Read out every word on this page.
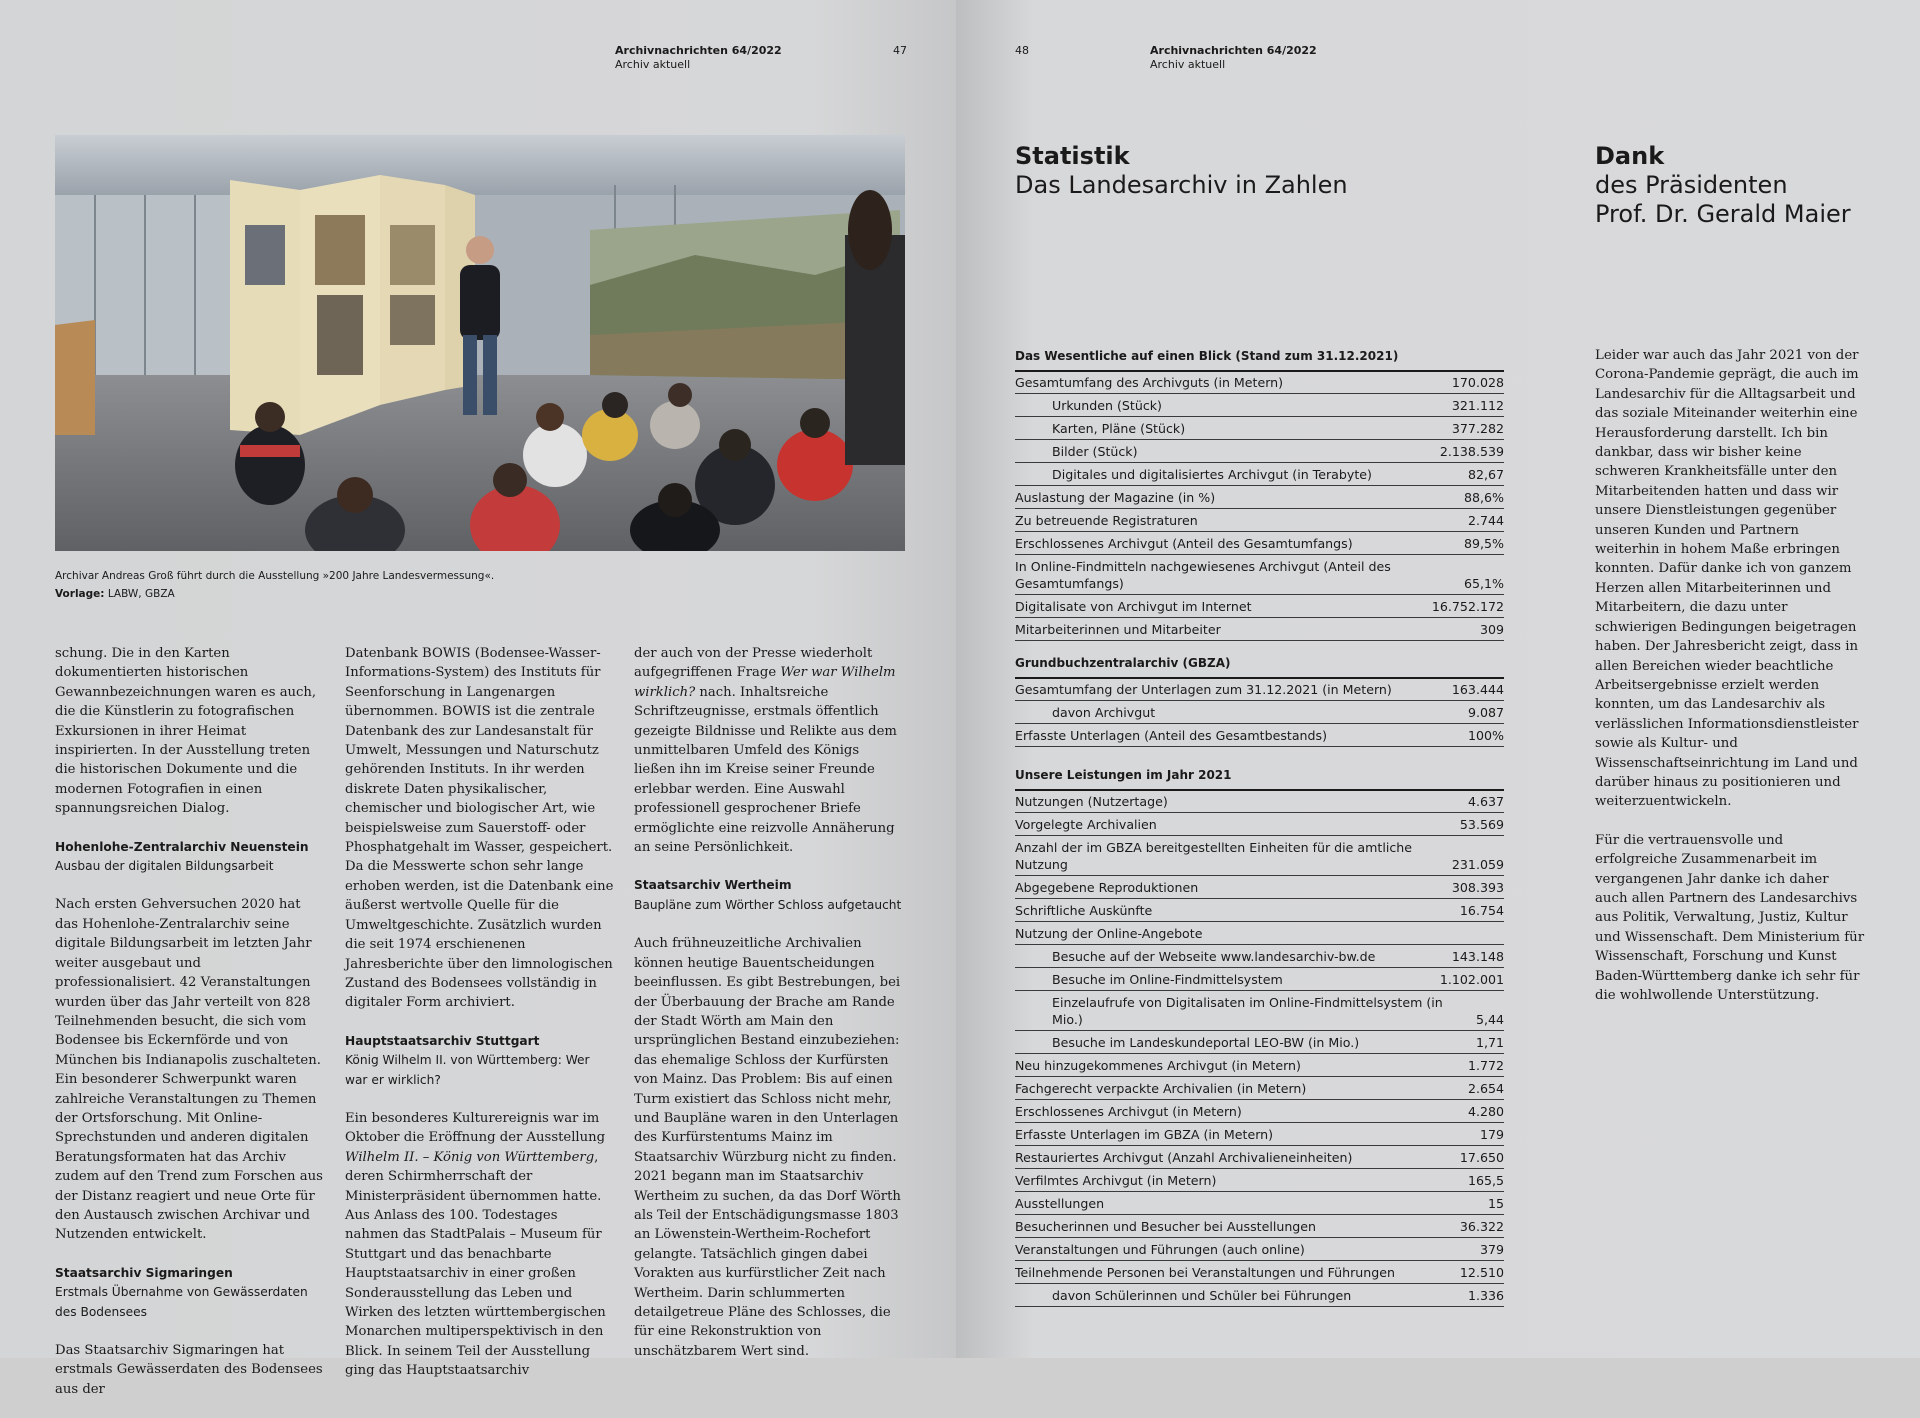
Archivnachrichten 64/2022
Archiv aktuell
47
Archivar Andreas Groß führt durch die Ausstellung »200 Jahre Landesvermessung«.
Vorlage: LABW, GBZA

schung. Die in den Karten dokumentierten historischen Gewannbezeichnungen waren es auch, die die Künstlerin zu fotografischen Exkursionen in ihrer Heimat inspirierten. In der Ausstellung treten die historischen Dokumente und die modernen Fotografien in einen spannungsreichen Dialog.

Hohenlohe-Zentralarchiv Neuenstein
Ausbau der digitalen Bildungsarbeit

Nach ersten Gehversuchen 2020 hat das Hohenlohe-Zentralarchiv seine digitale Bildungsarbeit im letzten Jahr weiter ausgebaut und professionalisiert. 42 Veranstaltungen wurden über das Jahr verteilt von 828 Teilnehmenden besucht, die sich vom Bodensee bis Eckernförde und von München bis Indianapolis zuschalteten. Ein besonderer Schwerpunkt waren zahlreiche Veranstaltungen zu Themen der Ortsforschung. Mit Online-Sprechstunden und anderen digitalen Beratungsformaten hat das Archiv zudem auf den Trend zum Forschen aus der Distanz reagiert und neue Orte für den Austausch zwischen Archivar und Nutzenden entwickelt.

Staatsarchiv Sigmaringen
Erstmals Übernahme von Gewässerdaten des Bodensees

Das Staatsarchiv Sigmaringen hat erstmals Gewässerdaten des Bodensees aus der

Datenbank BOWIS (Bodensee-Wasser-Informations-System) des Instituts für Seenforschung in Langenargen übernommen. BOWIS ist die zentrale Datenbank des zur Landesanstalt für Umwelt, Messungen und Naturschutz gehörenden Instituts. In ihr werden diskrete Daten physikalischer, chemischer und biologischer Art, wie beispielsweise zum Sauerstoff- oder Phosphatgehalt im Wasser, gespeichert. Da die Messwerte schon sehr lange erhoben werden, ist die Datenbank eine äußerst wertvolle Quelle für die Umweltgeschichte. Zusätzlich wurden die seit 1974 erschienenen Jahresberichte über den limnologischen Zustand des Bodensees vollständig in digitaler Form archiviert.

Hauptstaatsarchiv Stuttgart
König Wilhelm II. von Württemberg: Wer war er wirklich?

Ein besonderes Kulturereignis war im Oktober die Eröffnung der Ausstellung Wilhelm II. – König von Württemberg, deren Schirmherrschaft der Ministerpräsident übernommen hatte. Aus Anlass des 100. Todestages nahmen das StadtPalais – Museum für Stuttgart und das benachbarte Hauptstaatsarchiv in einer großen Sonderausstellung das Leben und Wirken des letzten württembergischen Monarchen multiperspektivisch in den Blick. In seinem Teil der Ausstellung ging das Hauptstaatsarchiv

der auch von der Presse wiederholt aufgegriffenen Frage Wer war Wilhelm wirklich? nach. Inhaltsreiche Schriftzeugnisse, erstmals öffentlich gezeigte Bildnisse und Relikte aus dem unmittelbaren Umfeld des Königs ließen ihn im Kreise seiner Freunde erlebbar werden. Eine Auswahl professionell gesprochener Briefe ermöglichte eine reizvolle Annäherung an seine Persönlichkeit.

Staatsarchiv Wertheim
Baupläne zum Wörther Schloss aufgetaucht

Auch frühneuzeitliche Archivalien können heutige Bauentscheidungen beeinflussen. Es gibt Bestrebungen, bei der Überbauung der Brache am Rande der Stadt Wörth am Main den ursprünglichen Bestand einzubeziehen: das ehemalige Schloss der Kurfürsten von Mainz. Das Problem: Bis auf einen Turm existiert das Schloss nicht mehr, und Baupläne waren in den Unterlagen des Kurfürstentums Mainz im Staatsarchiv Würzburg nicht zu finden. 2021 begann man im Staatsarchiv Wertheim zu suchen, da das Dorf Wörth als Teil der Entschädigungsmasse 1803 an Löwenstein-Wertheim-Rochefort gelangte. Tatsächlich gingen dabei Vorakten aus kurfürstlicher Zeit nach Wertheim. Darin schlummerten detailgetreue Pläne des Schlosses, die für eine Rekonstruktion von unschätzbarem Wert sind.

48	Archivnachrichten 64/2022
Archiv aktuell
Statistik
Das Landesarchiv in Zahlen
Dank
des Präsidenten
Prof. Dr. Gerald Maier
Das Wesentliche auf einen Blick (Stand zum 31.12.2021)
Gesamtumfang des Archivguts (in Metern)	170.028
Urkunden (Stück)	321.112
Karten, Pläne (Stück)	377.282
Bilder (Stück)	2.138.539
Digitales und digitalisiertes Archivgut (in Terabyte)	82,67
Auslastung der Magazine (in %)	88,6%
Zu betreuende Registraturen	2.744
Erschlossenes Archivgut (Anteil des Gesamtumfangs)	89,5%
In Online-Findmitteln nachgewiesenes Archivgut (Anteil des Gesamtumfangs)	65,1%
Digitalisate von Archivgut im Internet	16.752.172
Mitarbeiterinnen und Mitarbeiter	309
Grundbuchzentralarchiv (GBZA)
Gesamtumfang der Unterlagen zum 31.12.2021 (in Metern)	163.444
davon Archivgut	9.087
Erfasste Unterlagen (Anteil des Gesamtbestands)	100%
Unsere Leistungen im Jahr 2021
Nutzungen (Nutzertage)	4.637
Vorgelegte Archivalien	53.569
Anzahl der im GBZA bereitgestellten Einheiten für die amtliche Nutzung	231.059
Abgegebene Reproduktionen	308.393
Schriftliche Auskünfte	16.754
Nutzung der Online-Angebote
Besuche auf der Webseite www.landesarchiv-bw.de	143.148
Besuche im Online-Findmittelsystem	1.102.001
Einzelaufrufe von Digitalisaten im Online-Findmittelsystem (in Mio.)	5,44
Besuche im Landeskundeportal LEO-BW (in Mio.)	1,71
Neu hinzugekommenes Archivgut (in Metern)	1.772
Fachgerecht verpackte Archivalien (in Metern)	2.654
Erschlossenes Archivgut (in Metern)	4.280
Erfasste Unterlagen im GBZA (in Metern)	179
Restauriertes Archivgut (Anzahl Archivalieneinheiten)	17.650
Verfilmtes Archivgut (in Metern)	165,5
Ausstellungen	15
Besucherinnen und Besucher bei Ausstellungen	36.322
Veranstaltungen und Führungen (auch online)	379
Teilnehmende Personen bei Veranstaltungen und Führungen	12.510
davon Schülerinnen und Schüler bei Führungen	1.336

Leider war auch das Jahr 2021 von der Corona-Pandemie geprägt, die auch im Landesarchiv für die Alltagsarbeit und das soziale Miteinander weiterhin eine Herausforderung darstellt. Ich bin dankbar, dass wir bisher keine schweren Krankheitsfälle unter den Mitarbeitenden hatten und dass wir unsere Dienstleistungen gegenüber unseren Kunden und Partnern weiterhin in hohem Maße erbringen konnten. Dafür danke ich von ganzem Herzen allen Mitarbeiterinnen und Mitarbeitern, die dazu unter schwierigen Bedingungen beigetragen haben. Der Jahresbericht zeigt, dass in allen Bereichen wieder beachtliche Arbeitsergebnisse erzielt werden konnten, um das Landesarchiv als verlässlichen Informationsdienstleister sowie als Kultur- und Wissenschaftseinrichtung im Land und darüber hinaus zu positionieren und weiterzuentwickeln.

Für die vertrauensvolle und erfolgreiche Zusammenarbeit im vergangenen Jahr danke ich daher auch allen Partnern des Landesarchivs aus Politik, Verwaltung, Justiz, Kultur und Wissenschaft. Dem Ministerium für Wissenschaft, Forschung und Kunst Baden-Württemberg danke ich sehr für die wohlwollende Unterstützung.
